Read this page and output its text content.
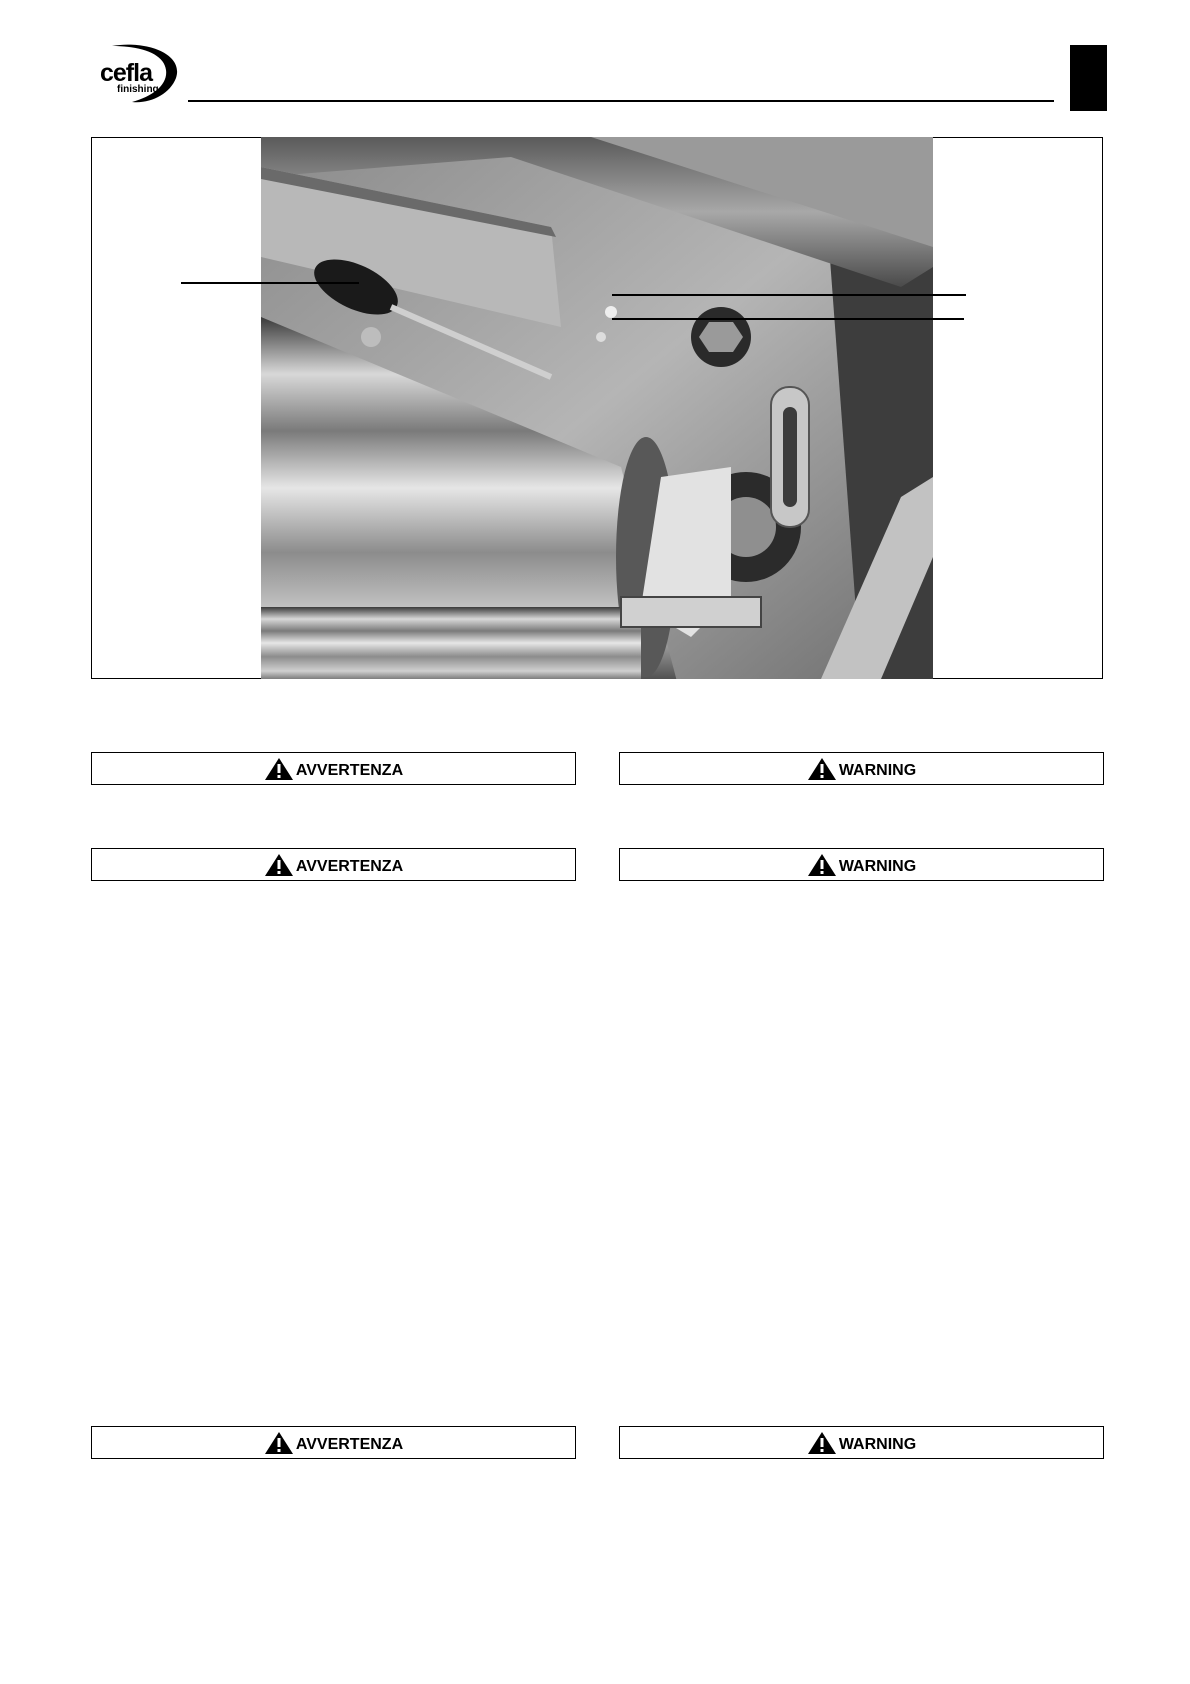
cefla
finishing
AVVERTENZA	WARNING
AVVERTENZA	WARNING
AVVERTENZA	WARNING
